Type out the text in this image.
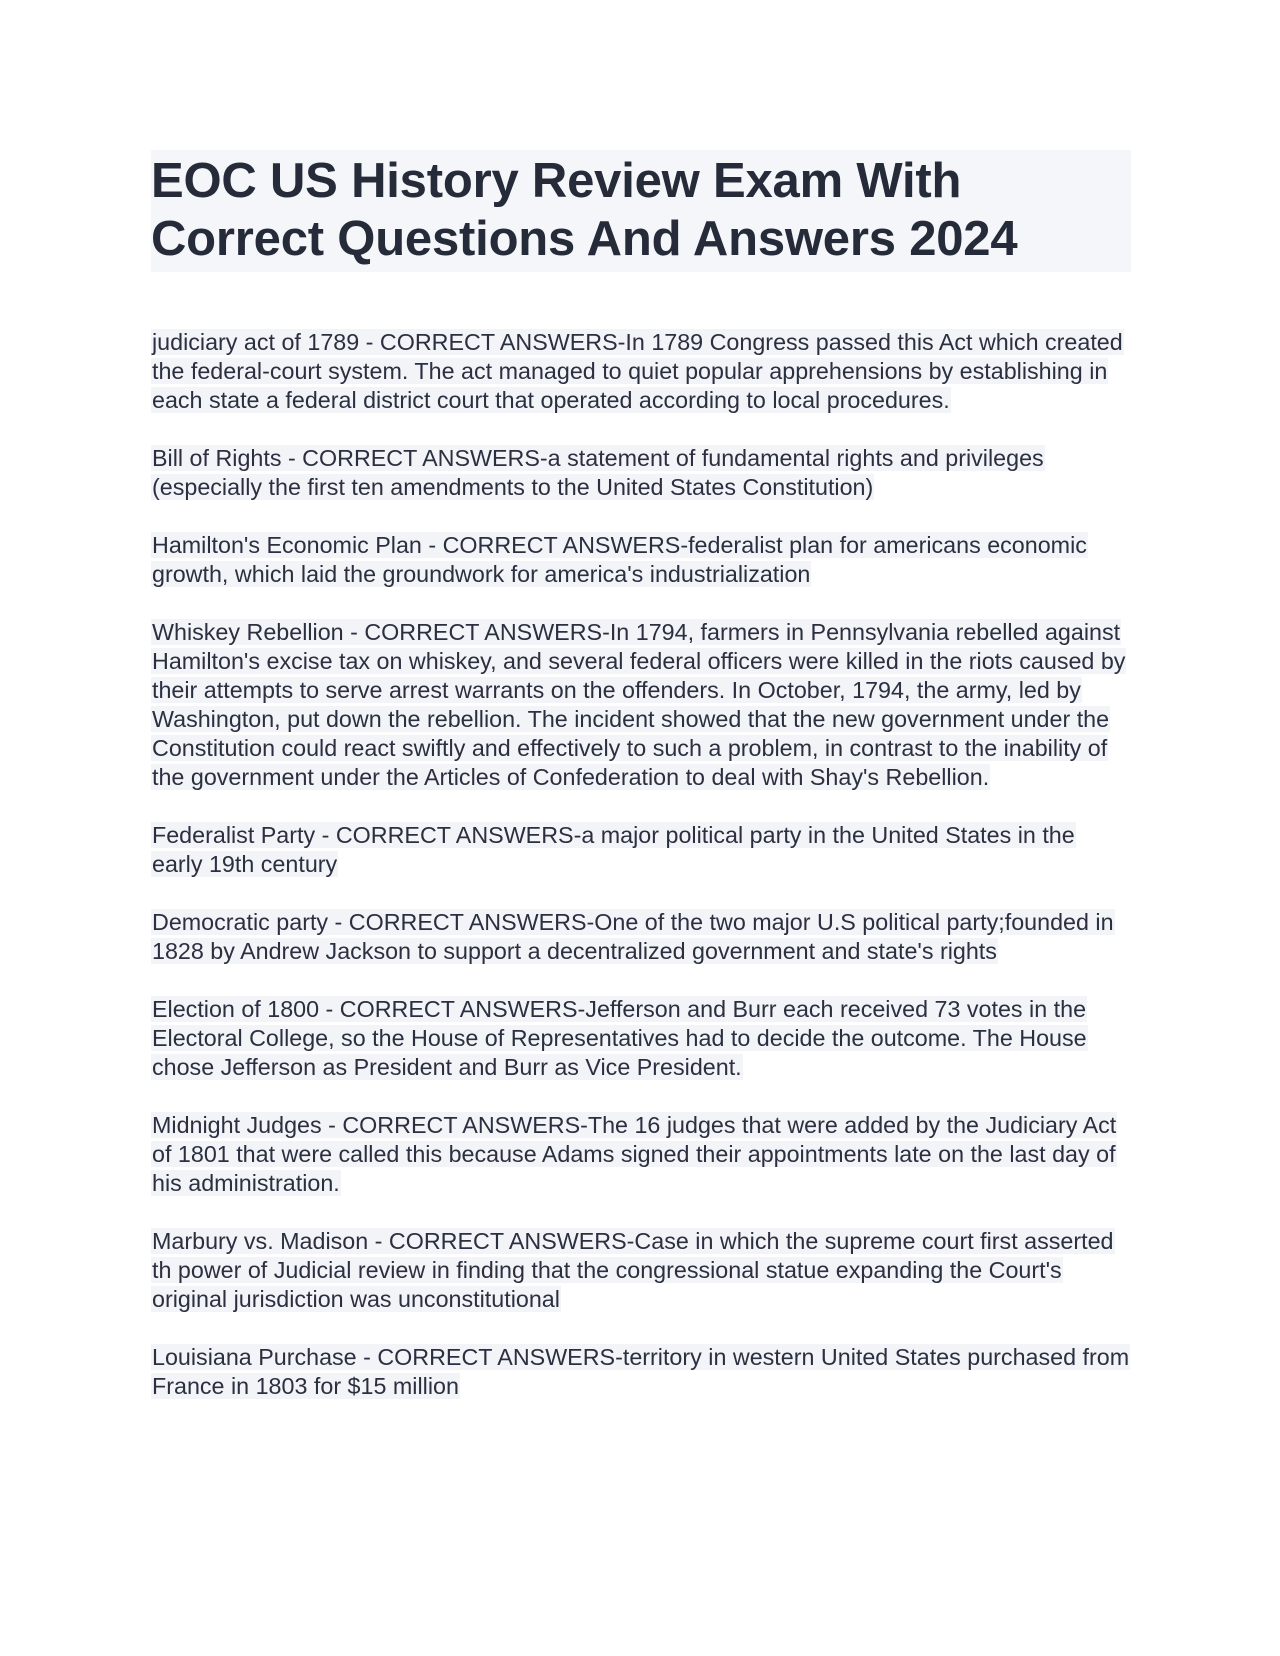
EOC US History Review Exam With
Correct Questions And Answers 2024

judiciary act of 1789 - CORRECT ANSWERS-In 1789 Congress passed this Act which created the federal-court system. The act managed to quiet popular apprehensions by establishing in each state a federal district court that operated according to local procedures.

Bill of Rights - CORRECT ANSWERS-a statement of fundamental rights and privileges (especially the first ten amendments to the United States Constitution)

Hamilton's Economic Plan - CORRECT ANSWERS-federalist plan for americans economic growth, which laid the groundwork for america's industrialization

Whiskey Rebellion - CORRECT ANSWERS-In 1794, farmers in Pennsylvania rebelled against Hamilton's excise tax on whiskey, and several federal officers were killed in the riots caused by their attempts to serve arrest warrants on the offenders. In October, 1794, the army, led by Washington, put down the rebellion. The incident showed that the new government under the Constitution could react swiftly and effectively to such a problem, in contrast to the inability of the government under the Articles of Confederation to deal with Shay's Rebellion.

Federalist Party - CORRECT ANSWERS-a major political party in the United States in the early 19th century

Democratic party - CORRECT ANSWERS-One of the two major U.S political party;founded in 1828 by Andrew Jackson to support a decentralized government and state's rights

Election of 1800 - CORRECT ANSWERS-Jefferson and Burr each received 73 votes in the Electoral College, so the House of Representatives had to decide the outcome. The House chose Jefferson as President and Burr as Vice President.

Midnight Judges - CORRECT ANSWERS-The 16 judges that were added by the Judiciary Act of 1801 that were called this because Adams signed their appointments late on the last day of his administration.

Marbury vs. Madison - CORRECT ANSWERS-Case in which the supreme court first asserted th power of Judicial review in finding that the congressional statue expanding the Court's original jurisdiction was unconstitutional

Louisiana Purchase - CORRECT ANSWERS-territory in western United States purchased from France in 1803 for $15 million
